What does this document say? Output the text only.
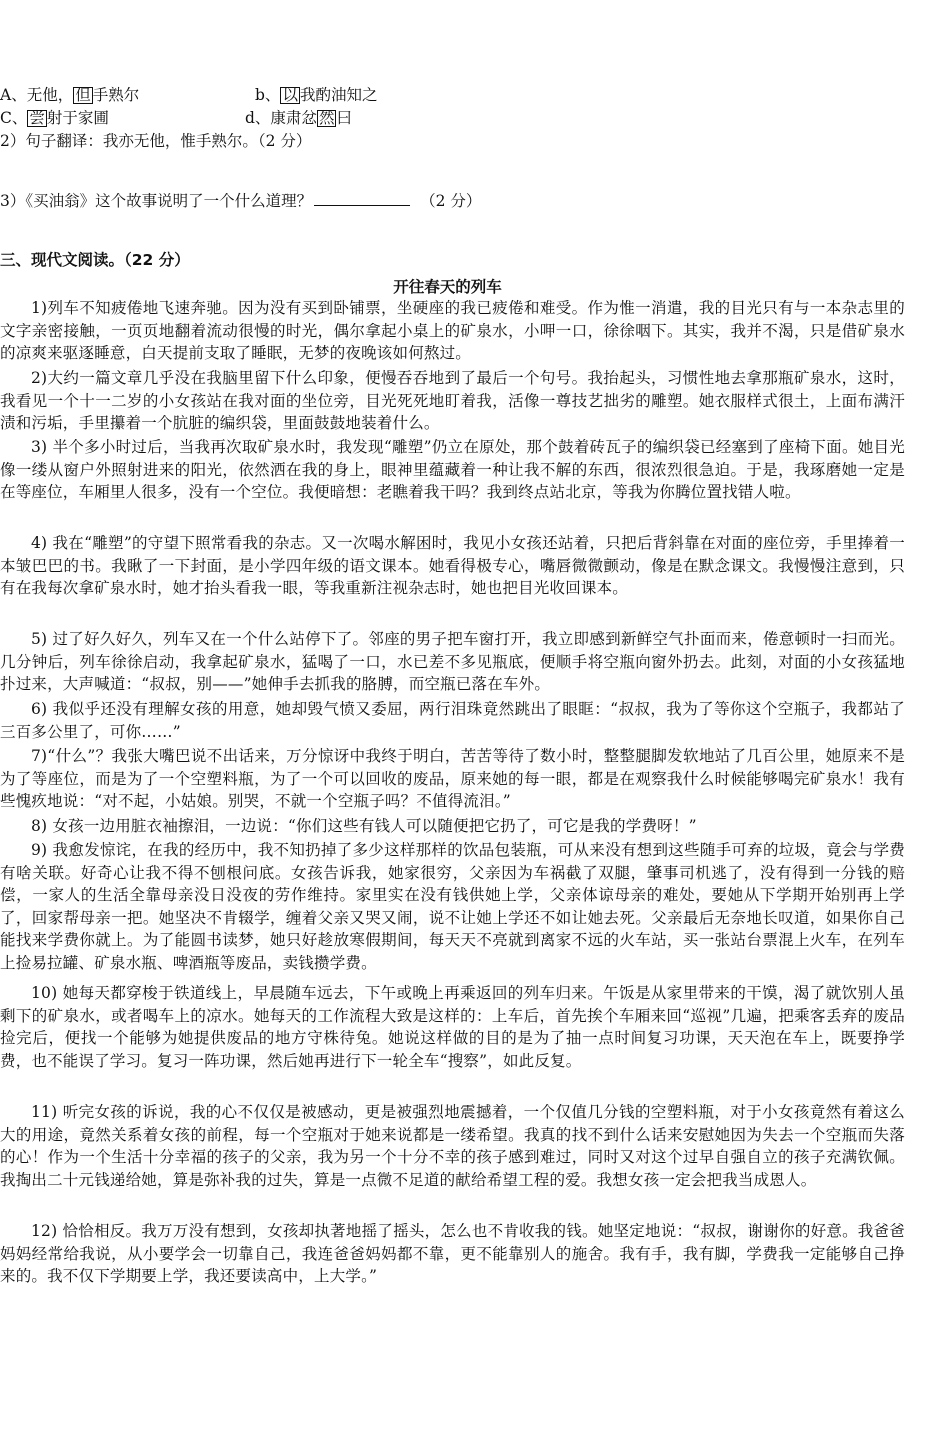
A、无他， 但 手熟尔	b、 以 我酌油知之
C、 尝 射于家圃	d、康肃忿 然 曰
2）句子翻译：我亦无他，惟手熟尔。（2 分）
3）《买油翁》这个故事说明了一个什么道理？	（2 分）
三、现代文阅读。（22 分）
开往春天的列车
1)列车不知疲倦地飞速奔驰。因为没有买到卧铺票，坐硬座的我已疲倦和难受。作为惟一消遣，我的目光只有与一本杂志里的文字亲密接触，一页页地翻着流动很慢的时光，偶尔拿起小桌上的矿泉水，小呷一口，徐徐咽下。其实，我并不渴，只是借矿泉水的凉爽来驱逐睡意，白天提前支取了睡眠，无梦的夜晚该如何熬过。
2)大约一篇文章几乎没在我脑里留下什么印象，便慢吞吞地到了最后一个句号。我抬起头，习惯性地去拿那瓶矿泉水，这时，我看见一个十一二岁的小女孩站在我对面的坐位旁，目光死死地盯着我，活像一尊技艺拙劣的雕塑。她衣服样式很土，上面布满汗渍和污垢，手里攥着一个肮脏的编织袋，里面鼓鼓地装着什么。
3) 半个多小时过后，当我再次取矿泉水时，我发现“雕塑”仍立在原处，那个鼓着砖瓦子的编织袋已经塞到了座椅下面。她目光像一缕从窗户外照射进来的阳光，依然洒在我的身上，眼神里蕴藏着一种让我不解的东西，很浓烈很急迫。于是，我琢磨她一定是在等座位，车厢里人很多，没有一个空位。我便暗想：老瞧着我干吗？我到终点站北京，等我为你腾位置找错人啦。
4) 我在“雕塑”的守望下照常看我的杂志。又一次喝水解困时，我见小女孩还站着，只把后背斜靠在对面的座位旁，手里捧着一本皱巴巴的书。我瞅了一下封面，是小学四年级的语文课本。她看得极专心，嘴唇微微颤动，像是在默念课文。我慢慢注意到，只有在我每次拿矿泉水时，她才抬头看我一眼，等我重新注视杂志时，她也把目光收回课本。
5) 过了好久好久，列车又在一个什么站停下了。邻座的男子把车窗打开，我立即感到新鲜空气扑面而来，倦意顿时一扫而光。几分钟后，列车徐徐启动，我拿起矿泉水，猛喝了一口，水已差不多见瓶底，便顺手将空瓶向窗外扔去。此刻，对面的小女孩猛地扑过来，大声喊道：“叔叔，别——”她伸手去抓我的胳膊，而空瓶已落在车外。
6) 我似乎还没有理解女孩的用意，她却毁气愤又委屈，两行泪珠竟然跳出了眼眶：“叔叔，我为了等你这个空瓶子，我都站了三百多公里了，可你……”
7)“什么”？我张大嘴巴说不出话来，万分惊讶中我终于明白，苦苦等待了数小时，整整腿脚发软地站了几百公里，她原来不是为了等座位，而是为了一个空塑料瓶，为了一个可以回收的废品，原来她的每一眼，都是在观察我什么时候能够喝完矿泉水！我有些愧疚地说：“对不起，小姑娘。别哭，不就一个空瓶子吗？不值得流泪。”
8) 女孩一边用脏衣袖擦泪，一边说：“你们这些有钱人可以随便把它扔了，可它是我的学费呀！”
9) 我愈发惊诧，在我的经历中，我不知扔掉了多少这样那样的饮品包装瓶，可从来没有想到这些随手可弃的垃圾，竟会与学费有啥关联。好奇心让我不得不刨根问底。女孩告诉我，她家很穷，父亲因为车祸截了双腿，肇事司机逃了，没有得到一分钱的赔偿，一家人的生活全靠母亲没日没夜的劳作维持。家里实在没有钱供她上学，父亲体谅母亲的难处，要她从下学期开始别再上学了，回家帮母亲一把。她坚决不肯辍学，缠着父亲又哭又闹，说不让她上学还不如让她去死。父亲最后无奈地长叹道，如果你自己能找来学费你就上。为了能圆书读梦，她只好趁放寒假期间，每天天不亮就到离家不远的火车站，买一张站台票混上火车，在列车上捡易拉罐、矿泉水瓶、啤酒瓶等废品，卖钱攒学费。
10) 她每天都穿梭于铁道线上，早晨随车远去，下午或晚上再乘返回的列车归来。午饭是从家里带来的干馍，渴了就饮别人虽剩下的矿泉水，或者喝车上的凉水。她每天的工作流程大致是这样的：上车后，首先挨个车厢来回“巡视”几遍，把乘客丢弃的废品捡完后，便找一个能够为她提供废品的地方守株待兔。她说这样做的目的是为了抽一点时间复习功课，天天泡在车上，既要挣学费，也不能误了学习。复习一阵功课，然后她再进行下一轮全车“搜察”，如此反复。
11) 听完女孩的诉说，我的心不仅仅是被感动，更是被强烈地震撼着，一个仅值几分钱的空塑料瓶，对于小女孩竟然有着这么大的用途，竟然关系着女孩的前程，每一个空瓶对于她来说都是一缕希望。我真的找不到什么话来安慰她因为失去一个空瓶而失落的心！作为一个生活十分幸福的孩子的父亲，我为另一个十分不幸的孩子感到难过，同时又对这个过早自强自立的孩子充满钦佩。我掏出二十元钱递给她，算是弥补我的过失，算是一点微不足道的献给希望工程的爱。我想女孩一定会把我当成恩人。
12) 恰恰相反。我万万没有想到，女孩却执著地摇了摇头，怎么也不肯收我的钱。她坚定地说：“叔叔，谢谢你的好意。我爸爸妈妈经常给我说，从小要学会一切靠自己，我连爸爸妈妈都不靠，更不能靠别人的施舍。我有手，我有脚，学费我一定能够自己挣来的。我不仅下学期要上学，我还要读高中，上大学。”
